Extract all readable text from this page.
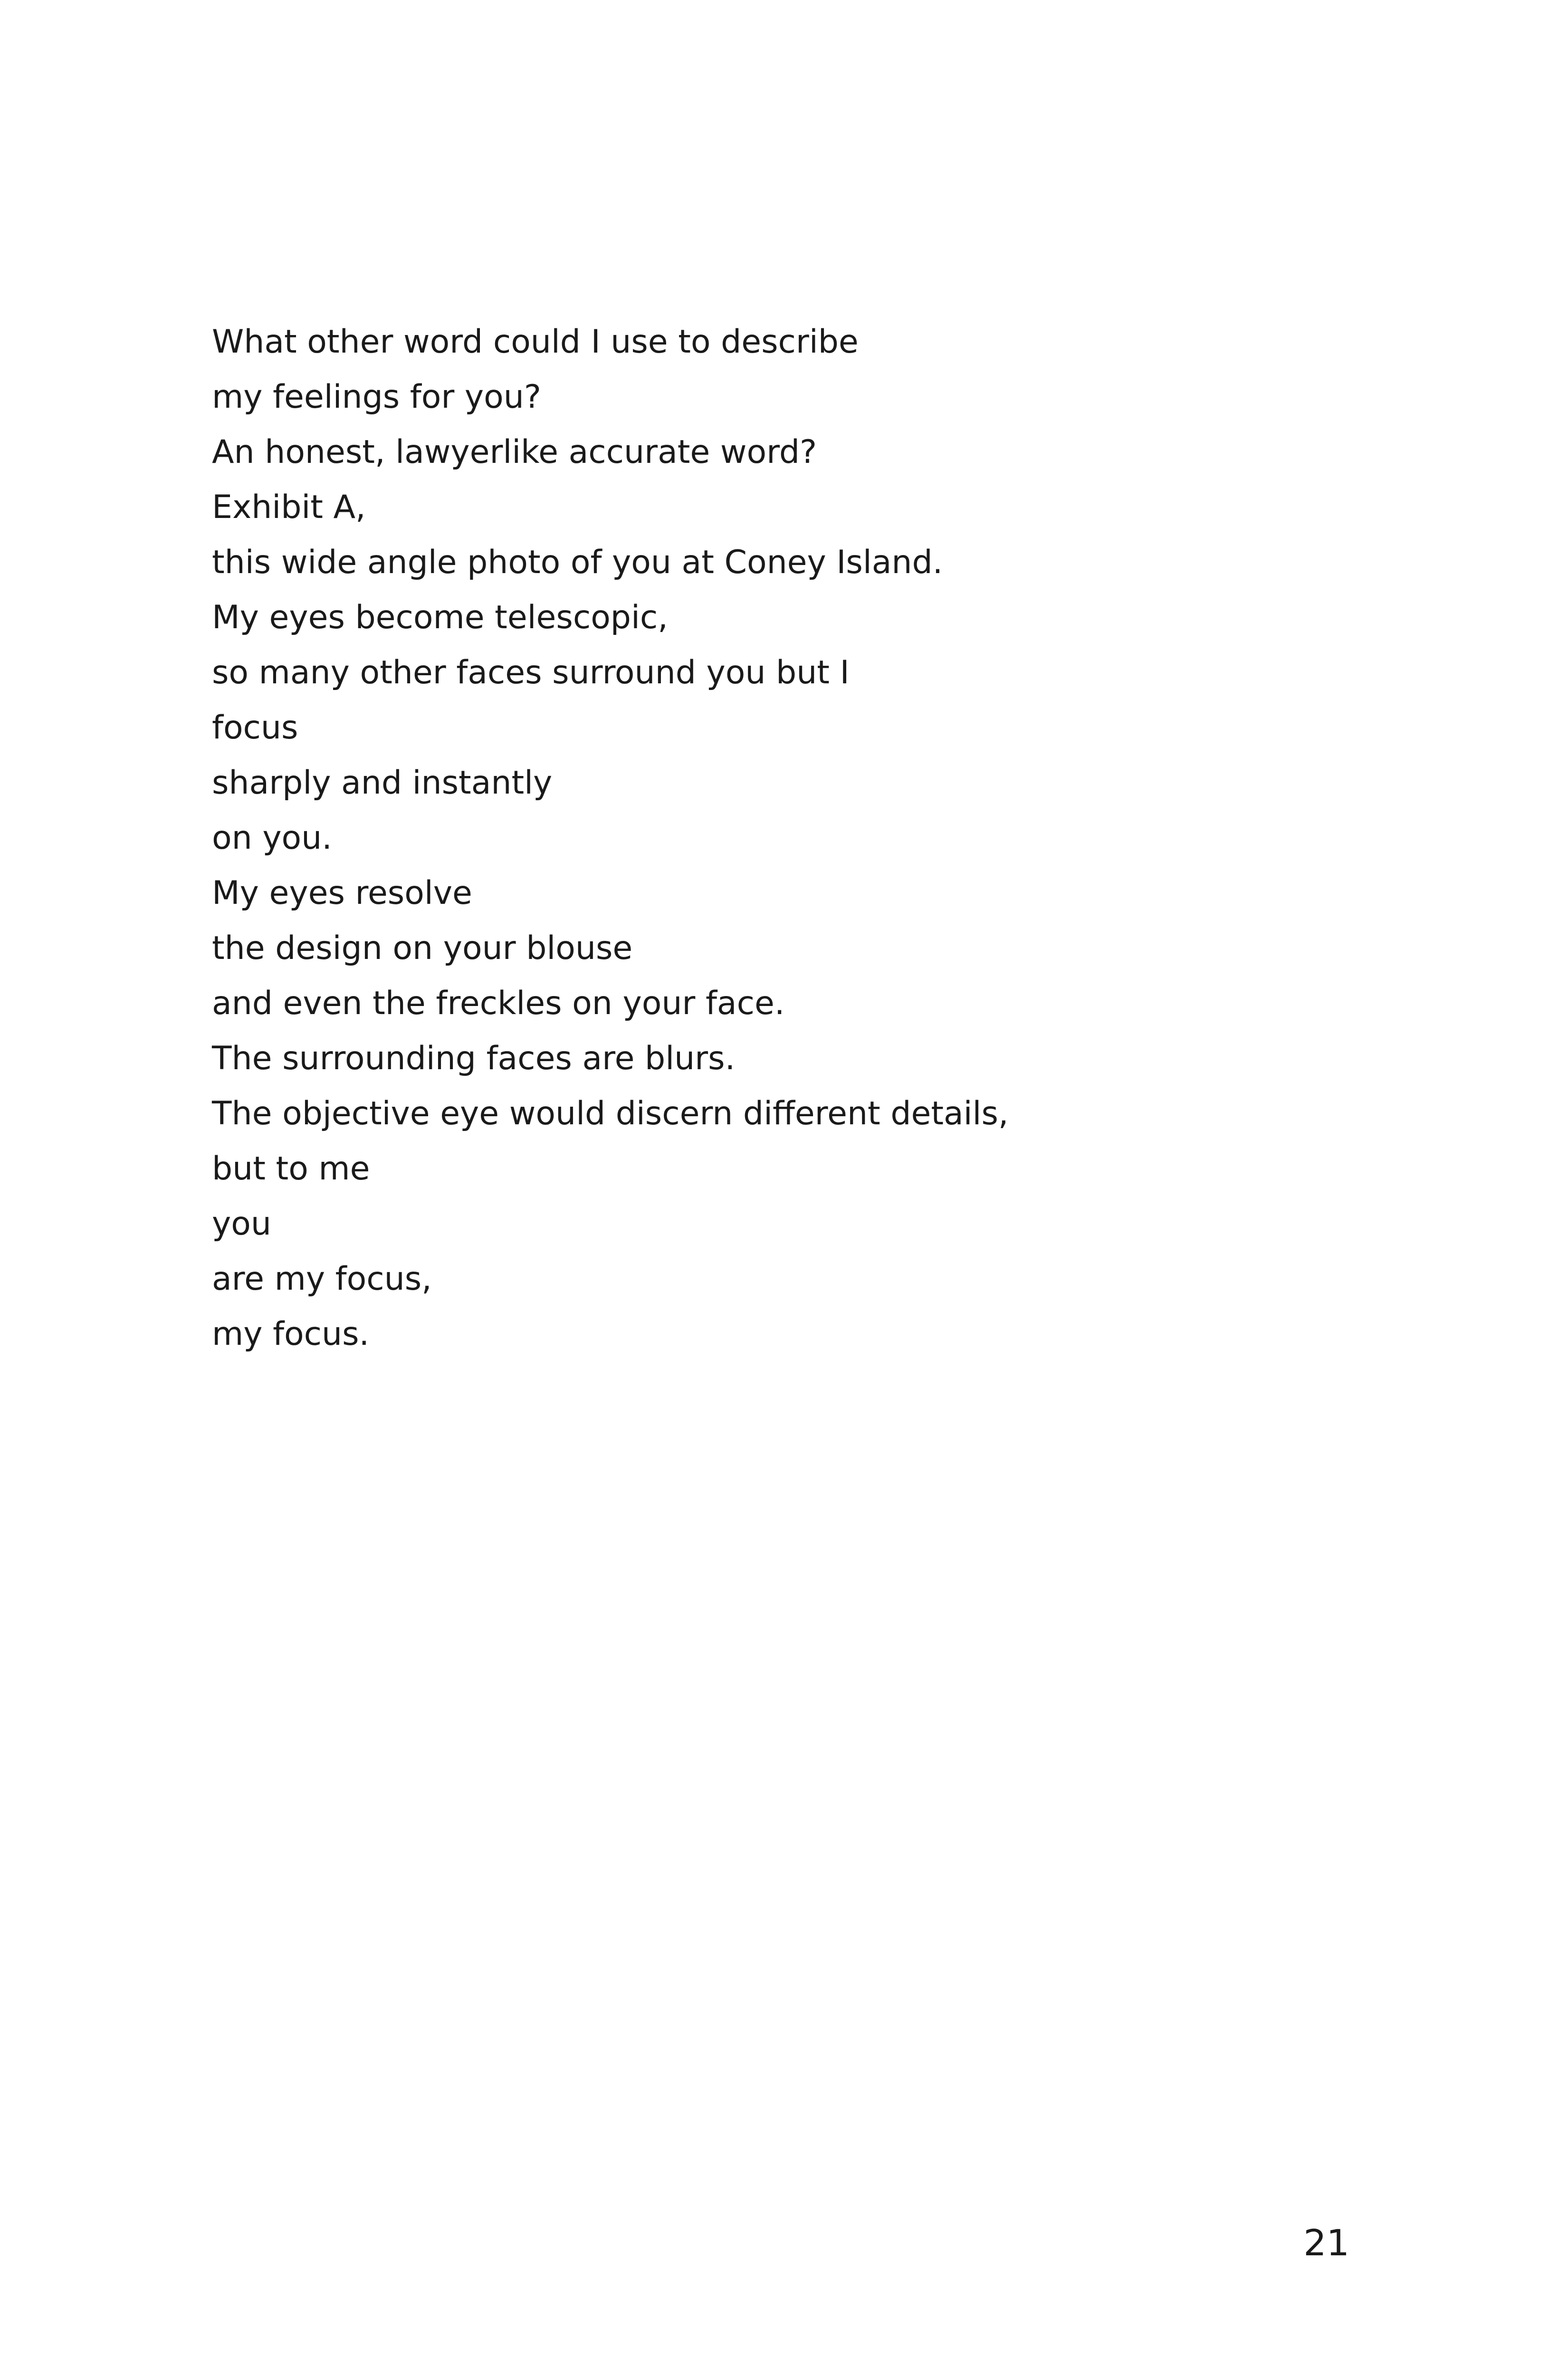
What other word could I use to describe
my feelings for you?
An honest, lawyerlike accurate word?
Exhibit A,
this wide angle photo of you at Coney Island.
My eyes become telescopic,
so many other faces surround you but I
focus
sharply and instantly
on you.
My eyes resolve
the design on your blouse
and even the freckles on your face.
The surrounding faces are blurs.
The objective eye would discern different details,
but to me
you
are my focus,
my focus.
21
